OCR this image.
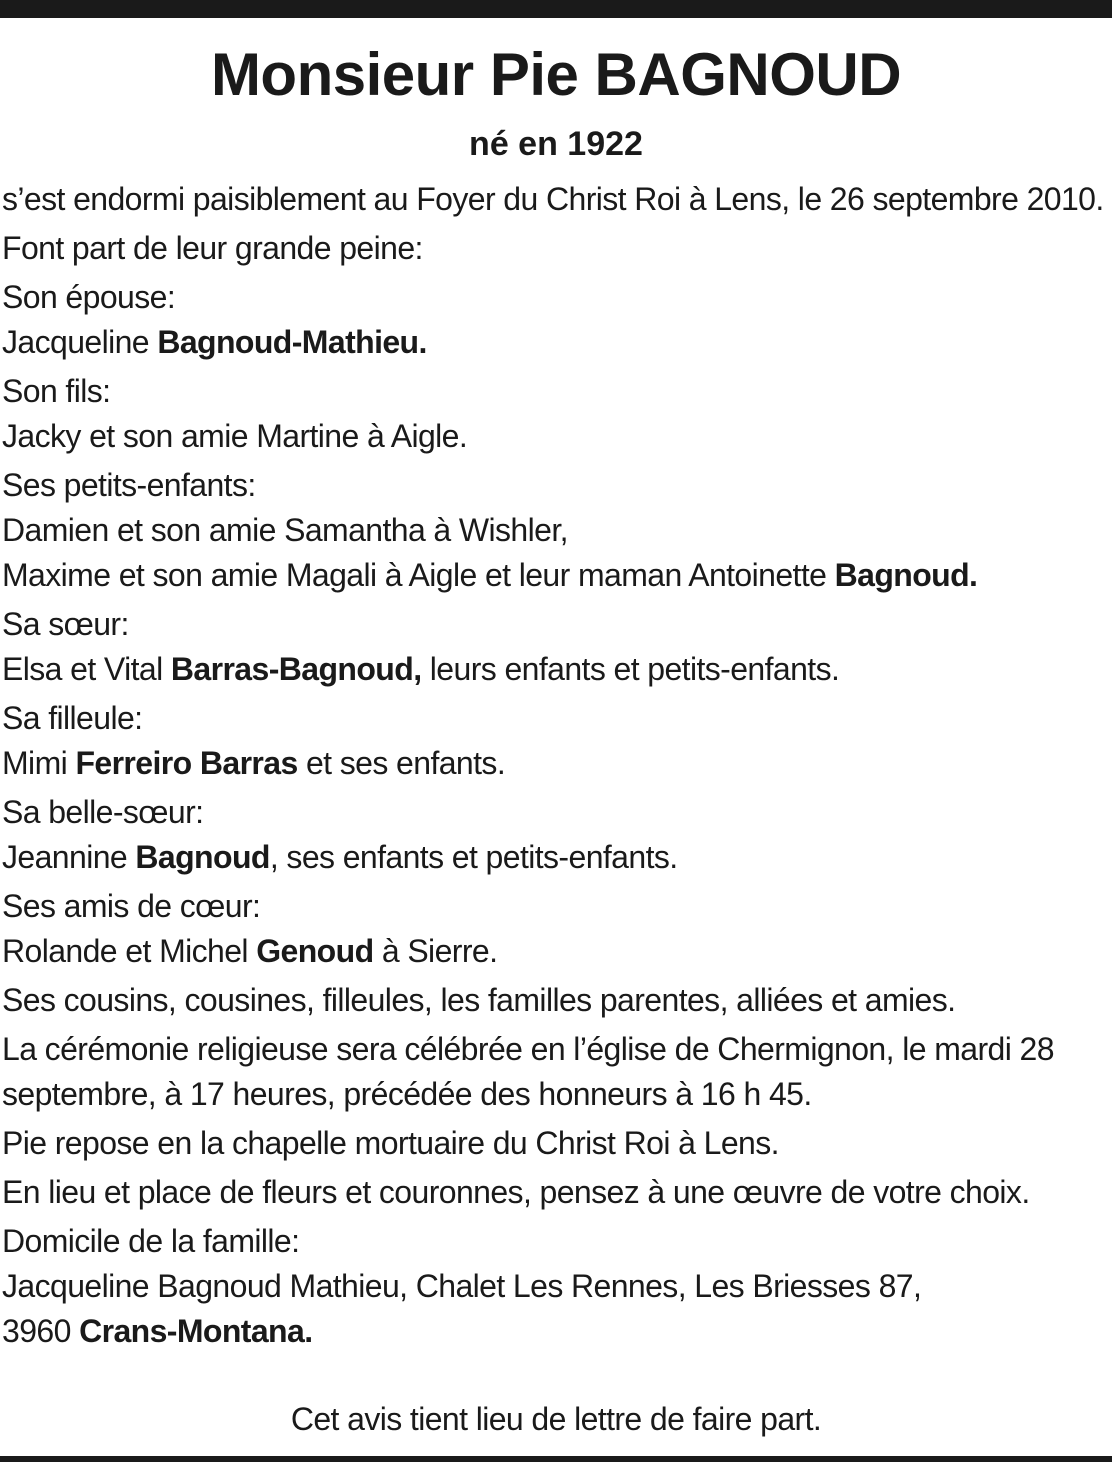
Monsieur Pie BAGNOUD
né en 1922

s’est endormi paisiblement au Foyer du Christ Roi à Lens, le 26 septembre 2010.

Font part de leur grande peine:

Son épouse:
Jacqueline Bagnoud-Mathieu.

Son fils:
Jacky et son amie Martine à Aigle.

Ses petits-enfants:
Damien et son amie Samantha à Wishler,
Maxime et son amie Magali à Aigle et leur maman Antoinette Bagnoud.

Sa sœur:
Elsa et Vital Barras-Bagnoud, leurs enfants et petits-enfants.

Sa filleule:
Mimi Ferreiro Barras et ses enfants.

Sa belle-sœur:
Jeannine Bagnoud, ses enfants et petits-enfants.

Ses amis de cœur:
Rolande et Michel Genoud à Sierre.

Ses cousins, cousines, filleules, les familles parentes, alliées et amies.

La cérémonie religieuse sera célébrée en l’église de Chermignon, le mardi 28 septembre, à 17 heures, précédée des honneurs à 16 h 45.

Pie repose en la chapelle mortuaire du Christ Roi à Lens.

En lieu et place de fleurs et couronnes, pensez à une œuvre de votre choix.

Domicile de la famille:
Jacqueline Bagnoud Mathieu, Chalet Les Rennes, Les Briesses 87,
3960 Crans-Montana.

Cet avis tient lieu de lettre de faire part.
